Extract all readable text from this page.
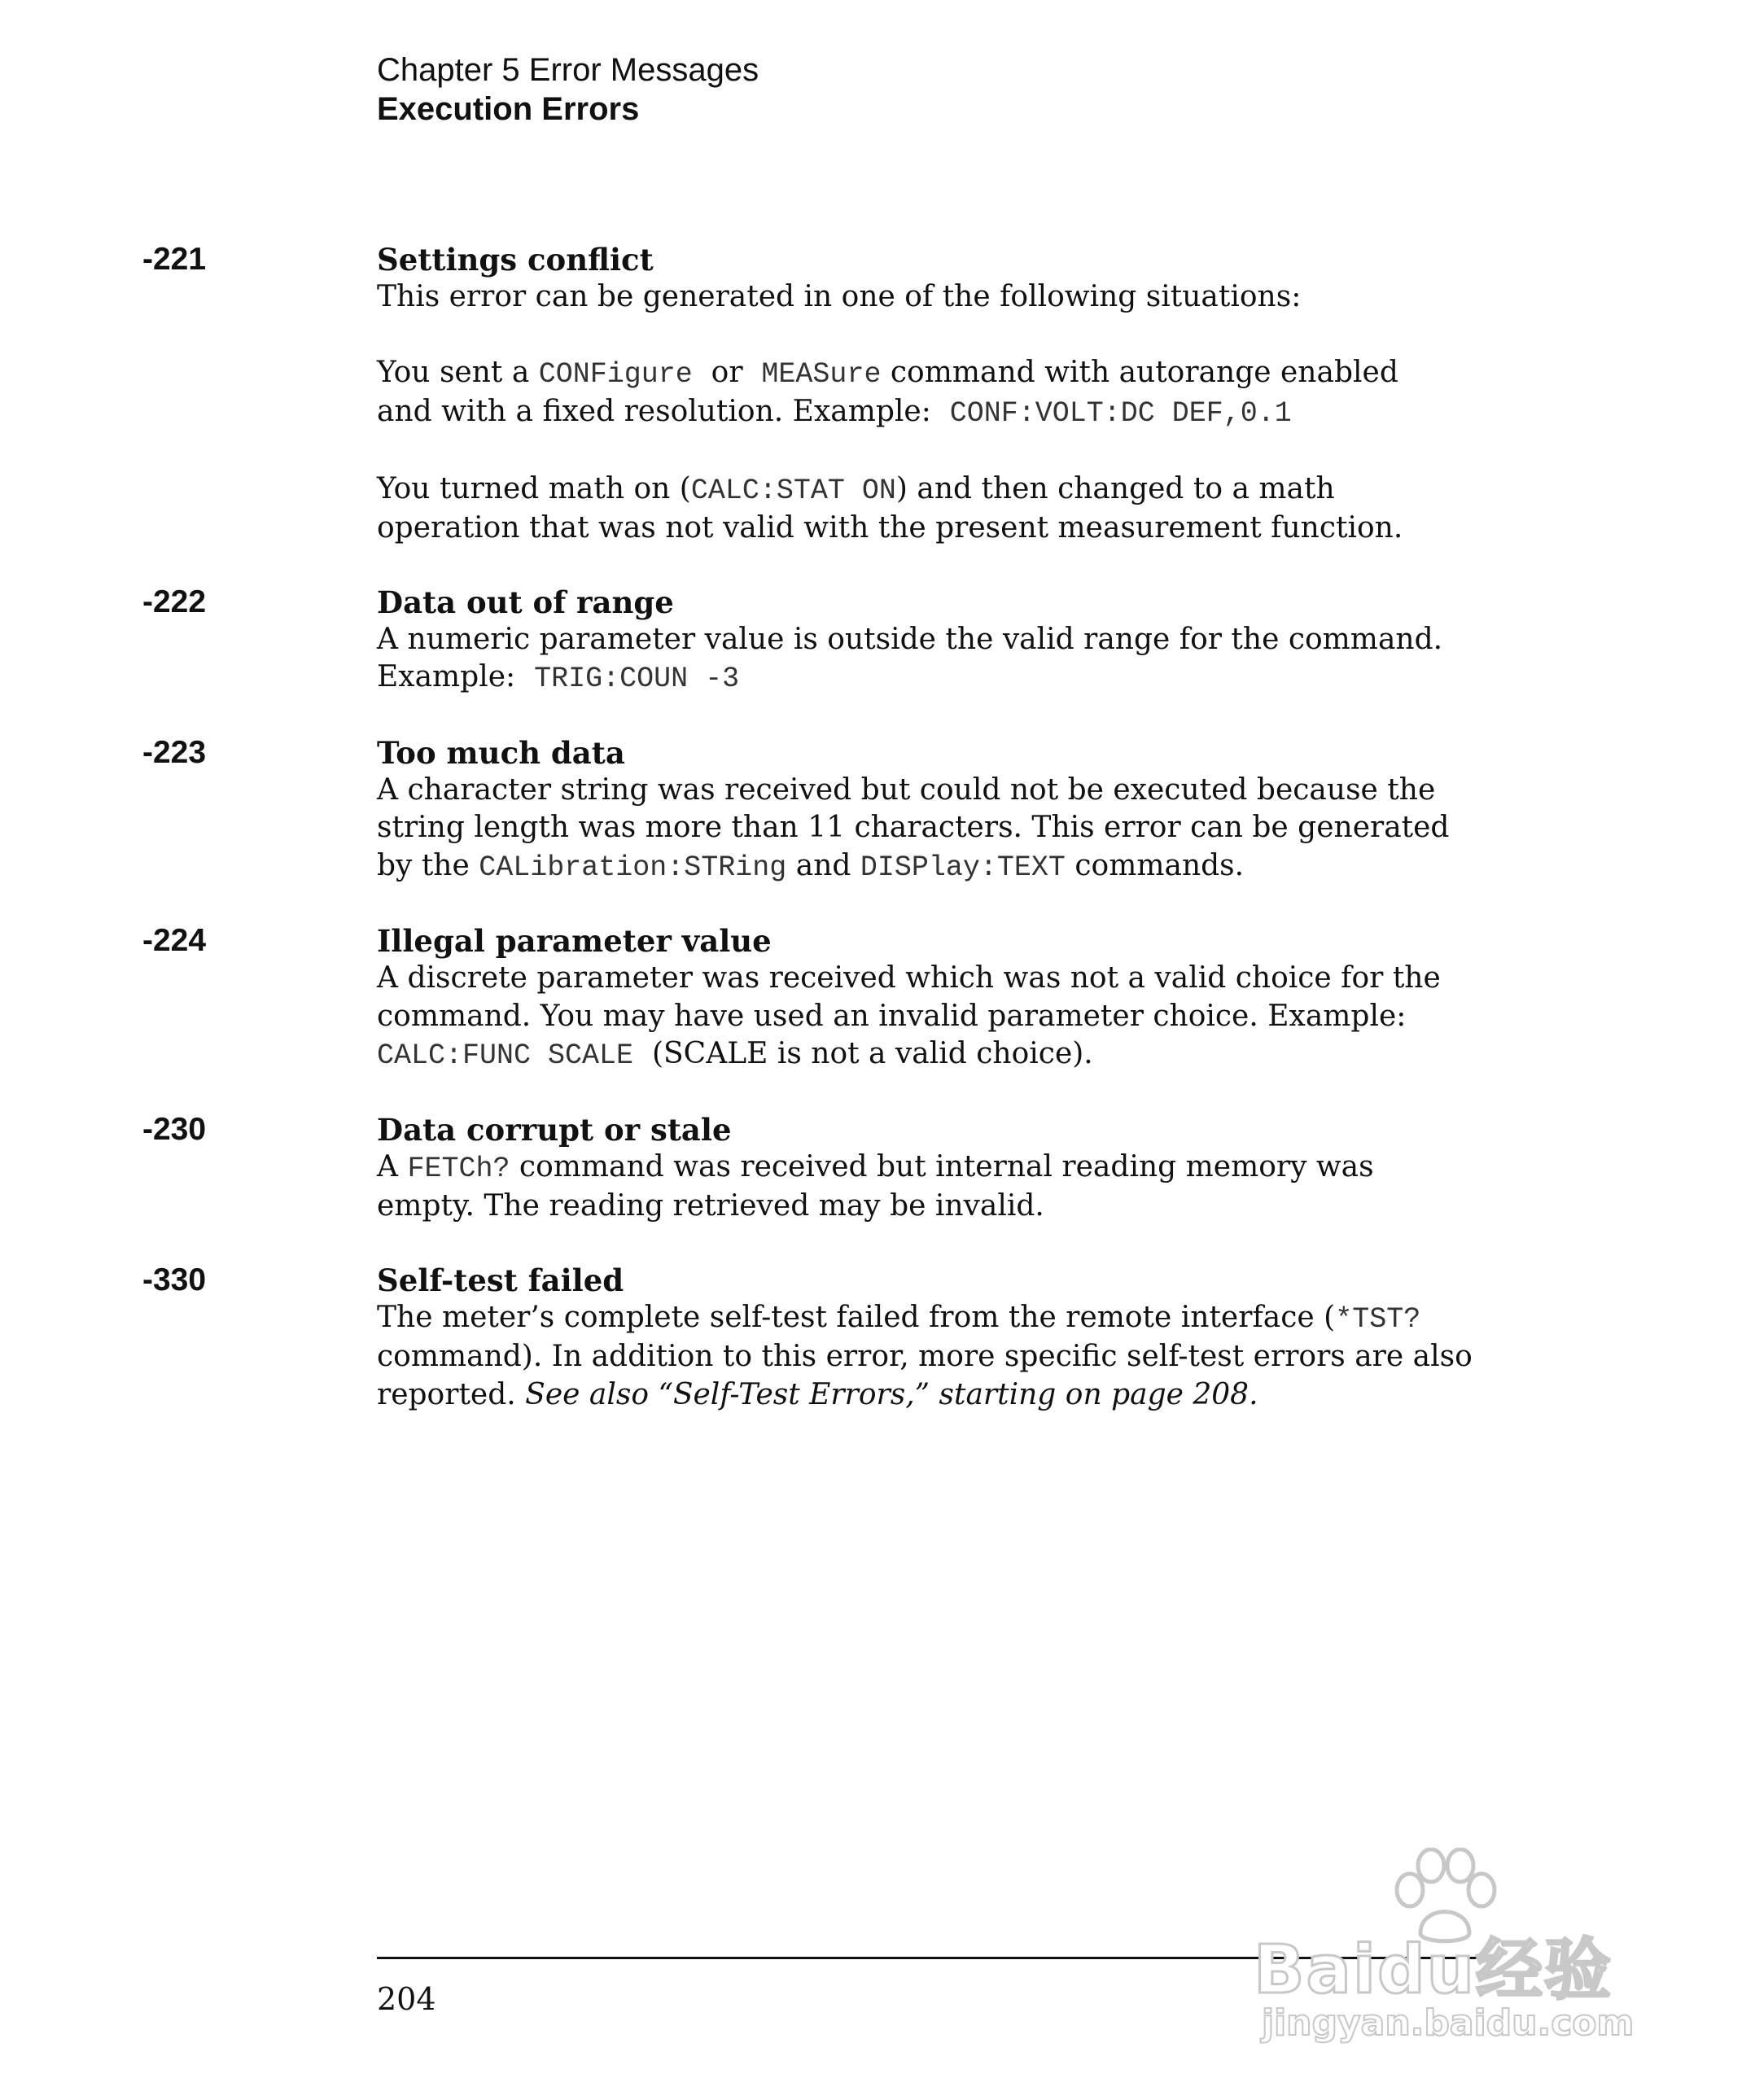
Chapter 5 Error Messages
Execution Errors
-221	Settings conflict

This error can be generated in one of the following situations:

You sent a CONFigure  or  MEASure command with autorange enabled
and with a fixed resolution. Example:  CONF:VOLT:DC DEF,0.1

You turned math on (CALC:STAT ON) and then changed to a math
operation that was not valid with the present measurement function.

-222	Data out of range

A numeric parameter value is outside the valid range for the command.
Example:  TRIG:COUN -3

-223	Too much data

A character string was received but could not be executed because the
string length was more than 11 characters. This error can be generated
by the CALibration:STRing and DISPlay:TEXT commands.

-224	Illegal parameter value

A discrete parameter was received which was not a valid choice for the
command. You may have used an invalid parameter choice. Example:
CALC:FUNC SCALE  (SCALE is not a valid choice).

-230	Data corrupt or stale

A FETCh? command was received but internal reading memory was
empty. The reading retrieved may be invalid.

-330	Self-test failed

The meter’s complete self-test failed from the remote interface (*TST?
command). In addition to this error, more specific self-test errors are also
reported. See also “Self-Test Errors,” starting on page 208.

204	Baidu经验
jingyan.baidu.com
